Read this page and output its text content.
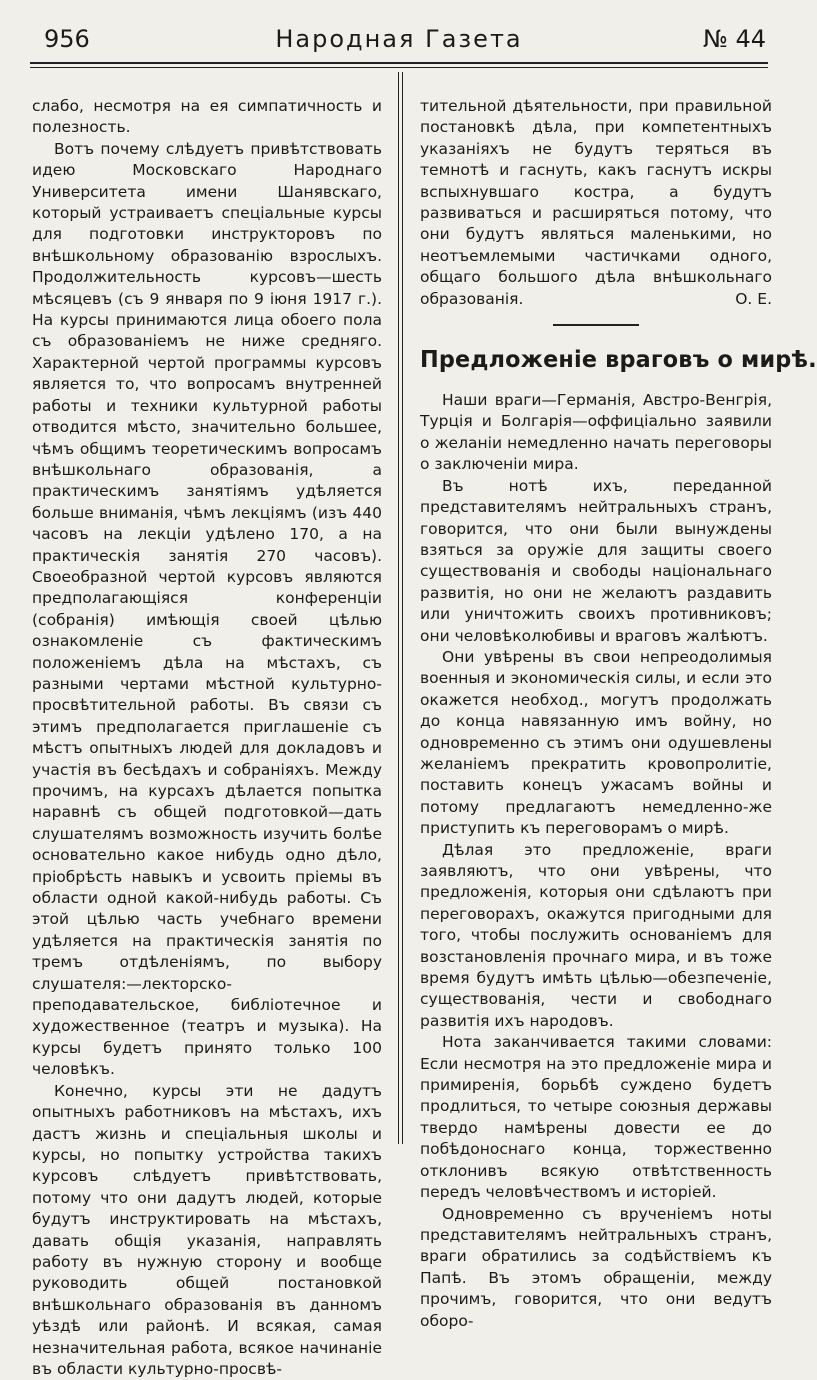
956	Народная Газета	№ 44

слабо, несмотря на ея симпатичность и полезность.

Вотъ почему слѣдуетъ привѣтствовать идею Московскаго Народнаго Университета имени Шанявскаго, который устраиваетъ спеціальные курсы для подготовки инструкторовъ по внѣшкольному образованію взрослыхъ. Продолжительность курсовъ—шесть мѣсяцевъ (съ 9 января по 9 іюня 1917 г.). На курсы принимаются лица обоего пола съ образованіемъ не ниже средняго. Характерной чертой программы курсовъ является то, что вопросамъ внутренней работы и техники культурной работы отводится мѣсто, значительно большее, чѣмъ общимъ теоретическимъ вопросамъ внѣшкольнаго образованія, а практическимъ занятіямъ удѣляется больше вниманія, чѣмъ лекціямъ (изъ 440 часовъ на лекціи удѣлено 170, а на практическія занятія 270 часовъ). Своеобразной чертой курсовъ являются предполагающіяся конференціи (собранія) имѣющія своей цѣлью ознакомленіе съ фактическимъ положеніемъ дѣла на мѣстахъ, съ разными чертами мѣстной культурно-просвѣтительной работы. Въ связи съ этимъ предполагается приглашеніе съ мѣстъ опытныхъ людей для докладовъ и участія въ бесѣдахъ и собраніяхъ. Между прочимъ, на курсахъ дѣлается попытка наравнѣ съ общей подготовкой—дать слушателямъ возможность изучить болѣе основательно какое нибудь одно дѣло, пріобрѣсть навыкъ и усвоить пріемы въ области одной какой-нибудь работы. Съ этой цѣлью часть учебнаго времени удѣляется на практическія занятія по тремъ отдѣленіямъ, по выбору слушателя:—лекторско-преподавательское, библіотечное и художественное (театръ и музыка). На курсы будетъ принято только 100 человѣкъ.

Конечно, курсы эти не дадутъ опытныхъ работниковъ на мѣстахъ, ихъ дастъ жизнь и спеціальныя школы и курсы, но попытку устройства такихъ курсовъ слѣдуетъ привѣтствовать, потому что они дадутъ людей, которые будутъ инструктировать на мѣстахъ, давать общія указанія, направлять работу въ нужную сторону и вообще руководить общей постановкой внѣшкольнаго образованія въ данномъ уѣздѣ или районѣ. И всякая, самая незначительная работа, всякое начинаніе въ области культурно-просвѣ-

тительной дѣятельности, при правильной постановкѣ дѣла, при компетентныхъ указаніяхъ не будутъ теряться въ темнотѣ и гаснуть, какъ гаснутъ искры вспыхнувшаго костра, а будутъ развиваться и расширяться потому, что они будутъ являться маленькими, но неотъемлемыми частичками одного, общаго большого дѣла внѣшкольнаго образованія.	О. Е.

Предложеніе враговъ о мирѣ.

Наши враги—Германія, Австро-Венгрія, Турція и Болгарія—оффиціально заявили о желаніи немедленно начать переговоры о заключеніи мира.

Въ нотѣ ихъ, переданной представителямъ нейтральныхъ странъ, говорится, что они были вынуждены взяться за оружіе для защиты своего существованія и свободы національнаго развитія, но они не желаютъ раздавить или уничтожить своихъ противниковъ; они человѣколюбивы и враговъ жалѣютъ.

Они увѣрены въ свои непреодолимыя военныя и экономическія силы, и если это окажется необход., могутъ продолжать до конца навязанную имъ войну, но одновременно съ этимъ они одушевлены желаніемъ прекратить кровопролитіе, поставить конецъ ужасамъ войны и потому предлагаютъ немедленно-же приступить къ переговорамъ о мирѣ.

Дѣлая это предложеніе, враги заявляютъ, что они увѣрены, что предложенія, которыя они сдѣлаютъ при переговорахъ, окажутся пригодными для того, чтобы послужить основаніемъ для возстановленія прочнаго мира, и въ тоже время будутъ имѣть цѣлью—обезпеченіе, существованія, чести и свободнаго развитія ихъ народовъ.

Нота заканчивается такими словами: Если несмотря на это предложеніе мира и примиренія, борьбѣ суждено будетъ продлиться, то четыре союзныя державы твердо намѣрены довести ее до побѣдоноснаго конца, торжественно отклонивъ всякую отвѣтственность передъ человѣчествомъ и исторіей.

Одновременно съ врученіемъ ноты представителямъ нейтральныхъ странъ, враги обратились за содѣйствіемъ къ Папѣ. Въ этомъ обращеніи, между прочимъ, говорится, что они ведутъ оборо-
